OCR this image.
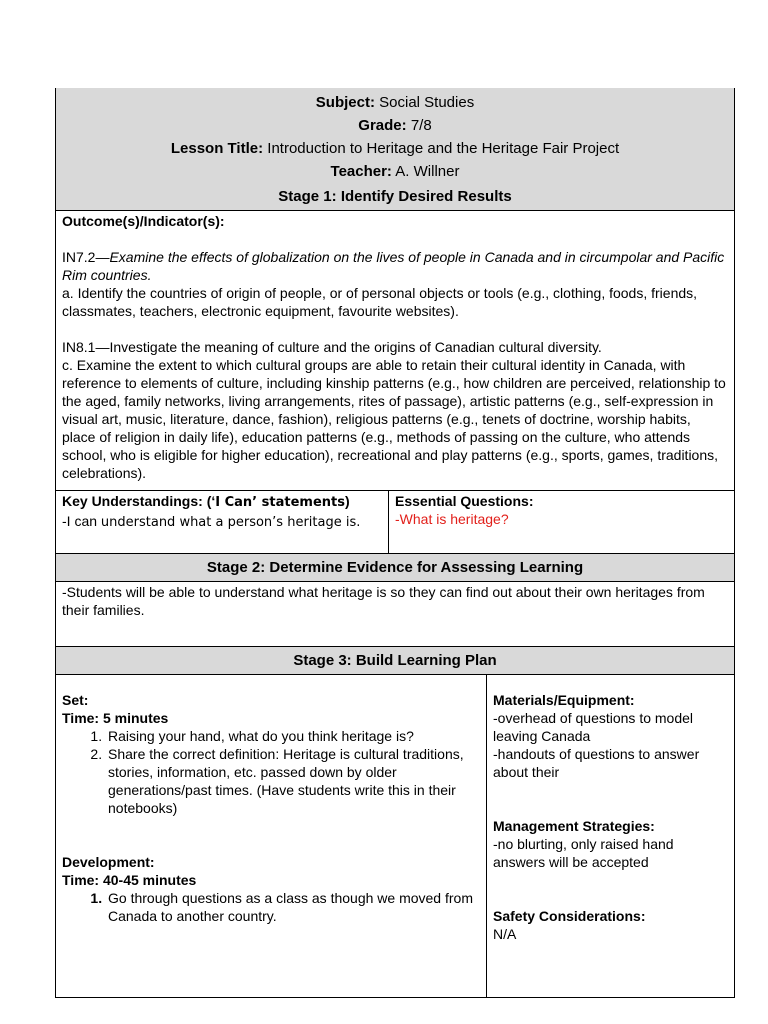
Subject: Social Studies
Grade: 7/8
Lesson Title: Introduction to Heritage and the Heritage Fair Project
Teacher: A. Willner
Stage 1: Identify Desired Results

Outcome(s)/Indicator(s):

IN7.2—Examine the effects of globalization on the lives of people in Canada and in circumpolar and Pacific Rim countries.

a. Identify the countries of origin of people, or of personal objects or tools (e.g., clothing, foods, friends, classmates, teachers, electronic equipment, favourite websites).

IN8.1—Investigate the meaning of culture and the origins of Canadian cultural diversity.

c. Examine the extent to which cultural groups are able to retain their cultural identity in Canada, with reference to elements of culture, including kinship patterns (e.g., how children are perceived, relationship to the aged, family networks, living arrangements, rites of passage), artistic patterns (e.g., self-expression in visual art, music, literature, dance, fashion), religious patterns (e.g., tenets of doctrine, worship habits, place of religion in daily life), education patterns (e.g., methods of passing on the culture, who attends school, who is eligible for higher education), recreational and play patterns (e.g., sports, games, traditions, celebrations).

Key Understandings: (‘I Can’ statements)
-I can understand what a person’s heritage is.
Essential Questions:
-What is heritage?
Stage 2: Determine Evidence for Assessing Learning
-Students will be able to understand what heritage is so they can find out about their own heritages from their families.
Stage 3: Build Learning Plan
Set:
Time: 5 minutes
1. Raising your hand, what do you think heritage is?
2. Share the correct definition: Heritage is cultural traditions, stories, information, etc. passed down by older generations/past times. (Have students write this in their notebooks)
Development:
Time: 40-45 minutes
1. Go through questions as a class as though we moved from Canada to another country.
Materials/Equipment:
-overhead of questions to model leaving Canada
-handouts of questions to answer about their
Management Strategies:
-no blurting, only raised hand answers will be accepted
Safety Considerations:
N/A
